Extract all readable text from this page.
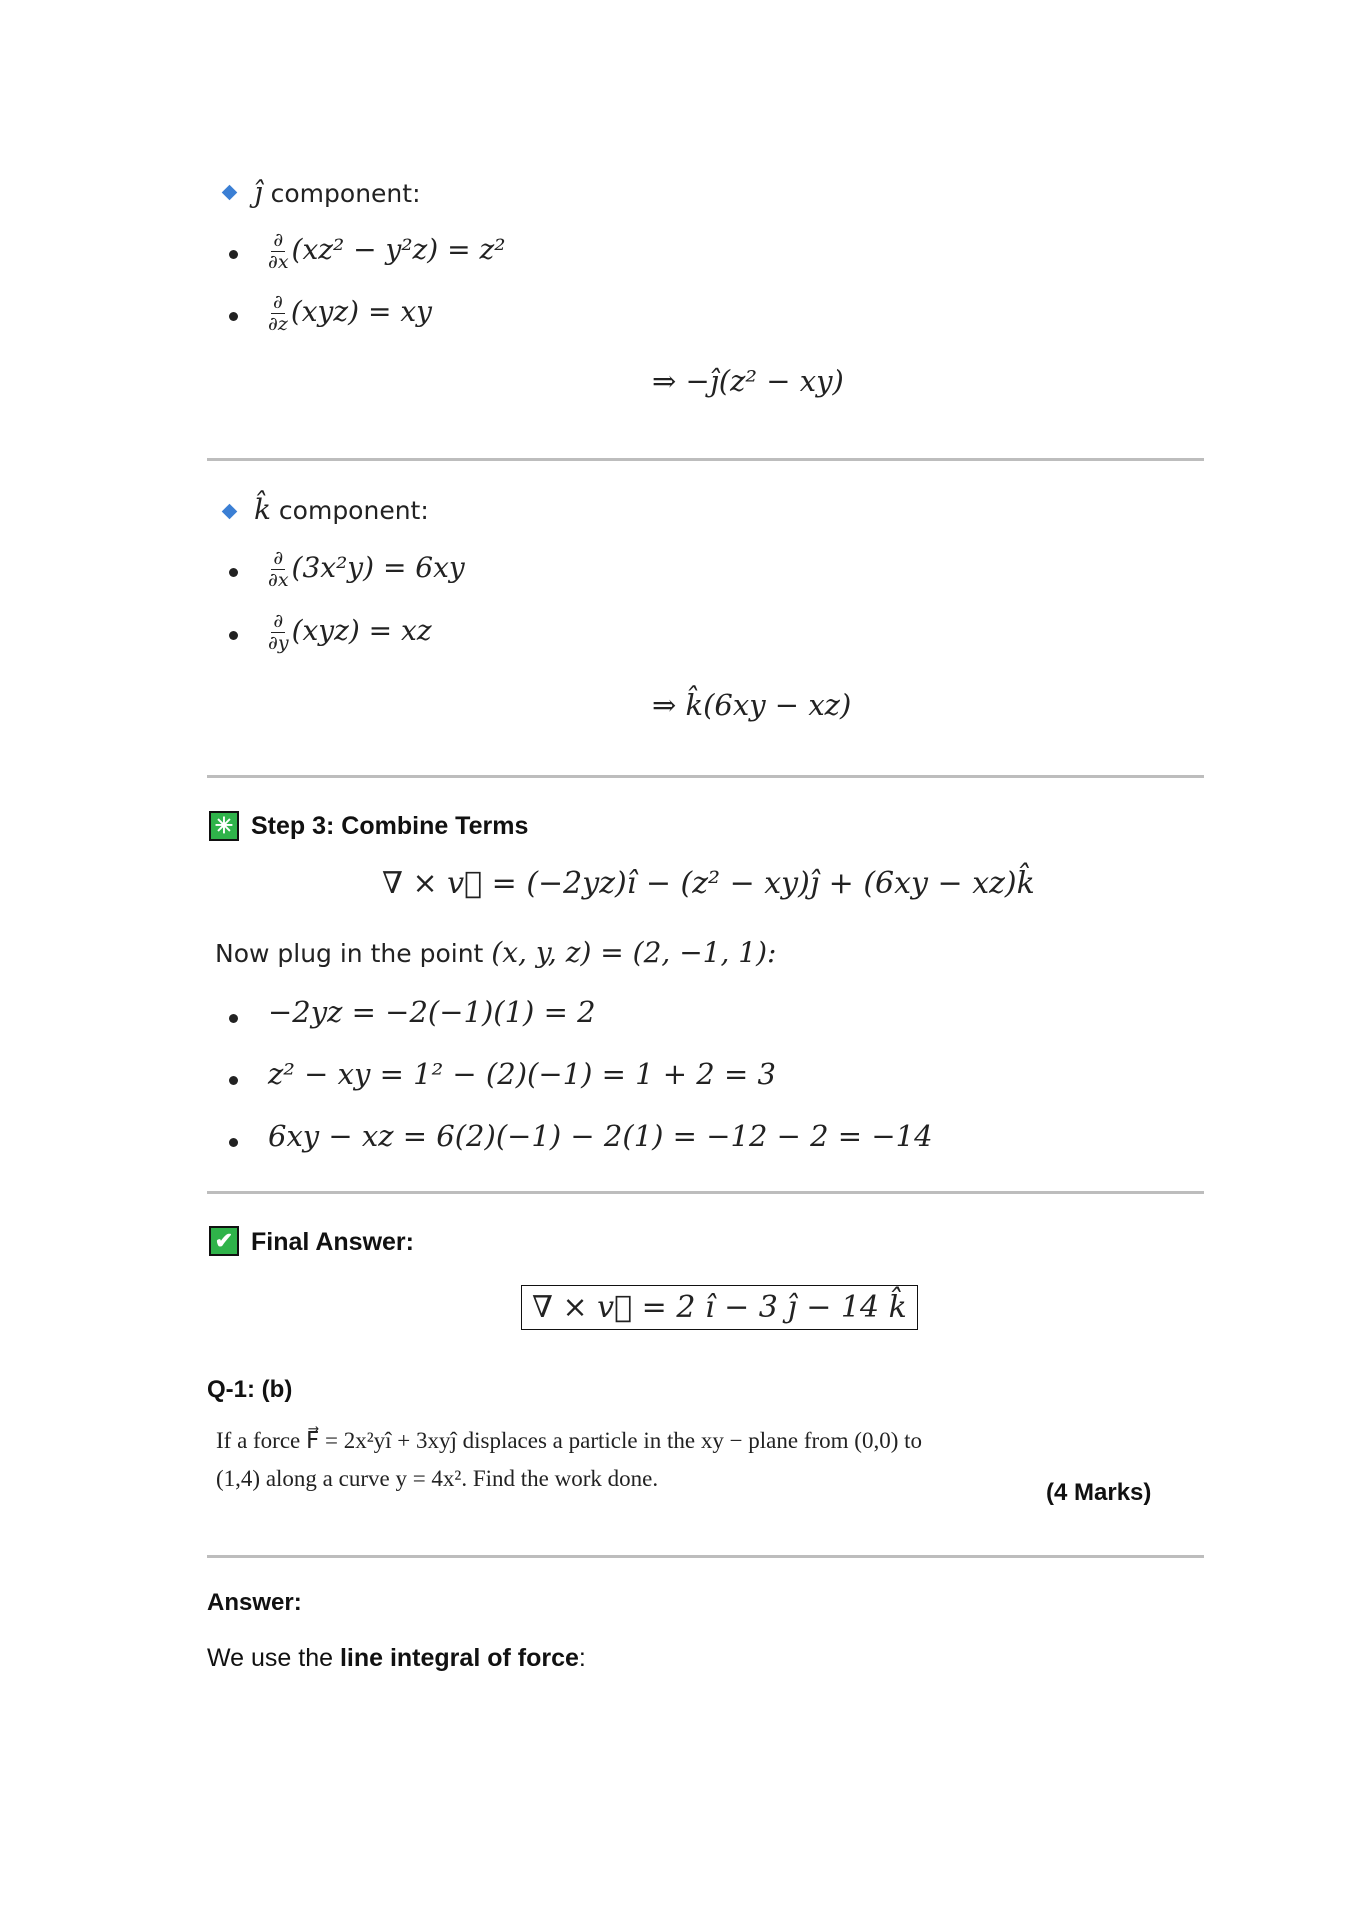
ĵ component:
$\frac{\partial}{\partial x} (xz^2 - y^2z) = z^2$
$\frac{\partial}{\partial z} (xyz)$ = xy
⇒ −ĵ(z² − xy)
k̂ component:
$\frac{\partial}{\partial x} (3x^2y) = 6xy$
$\frac{\partial}{\partial y} (xyz)$ = xz
⇒ k̂(6xy − xz)
✳ Step 3: Combine Terms
∇ × v⃗ = (−2yz)î − (z² − xy)ĵ + (6xy − xz)k̂
Now plug in the point (x, y, z) = (2, −1, 1):
−2yz = −2(−1)(1) = 2
z² − xy = 1² − (2)(−1) = 1 + 2 = 3
6xy − xz = 6(2)(−1) − 2(1) = −12 − 2 = −14
✔ Final Answer:
∇ × v⃗ = 2 î − 3 ĵ − 14 k̂
Q-1: (b)
If a force F⃗ = 2x²yî + 3xyĵ displaces a particle in the xy − plane from (0,0) to
(1,4) along a curve y = 4x². Find the work done.
(4 Marks)
Answer:
We use the line integral of force:
